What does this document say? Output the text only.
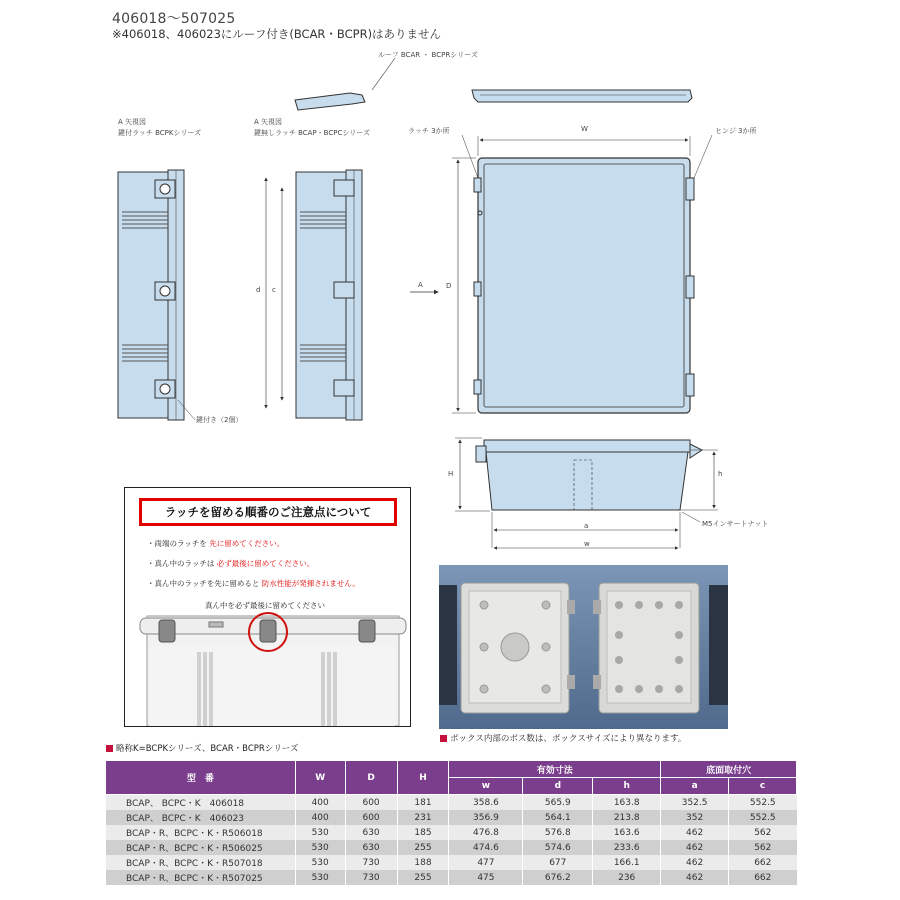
406018～507025
※406018、406023にルーフ付き(BCAR・BCPR)はありません
ルーフ BCAR ・ BCPRシリーズ
A 矢視図
鍵付ラッチ BCPKシリーズ
A 矢視図
鍵無しラッチ BCAP・BCPCシリーズ	ラッチ 3か所	ヒンジ 3か所
鍵付き（2個）
M5インサートナット
W
D
A
d c
H	h
a
w
ラッチを留める順番のご注意点について
・両端のラッチを 先に留めてください。
・真ん中のラッチは 必ず最後に留めてください。
・真ん中のラッチを先に留めると 防水性能が発揮されません。
真ん中を必ず最後に留めてください
ボックス内部のボス数は、ボックスサイズにより異なります。
略称K=BCPKシリーズ、BCAR・BCPRシリーズ
型　番	W	D	H	有効寸法			底面取付穴	
				w	d	h	a	c
BCAP、 BCPC・K　406018	400	600	181	358.6	565.9	163.8	352.5	552.5
BCAP、 BCPC・K　406023	400	600	231	356.9	564.1	213.8	352	552.5
BCAP・R、BCPC・K・R506018	530	630	185	476.8	576.8	163.6	462	562
BCAP・R、BCPC・K・R506025	530	630	255	474.6	574.6	233.6	462	562
BCAP・R、BCPC・K・R507018	530	730	188	477	677	166.1	462	662
BCAP・R、BCPC・K・R507025	530	730	255	475	676.2	236	462	662
